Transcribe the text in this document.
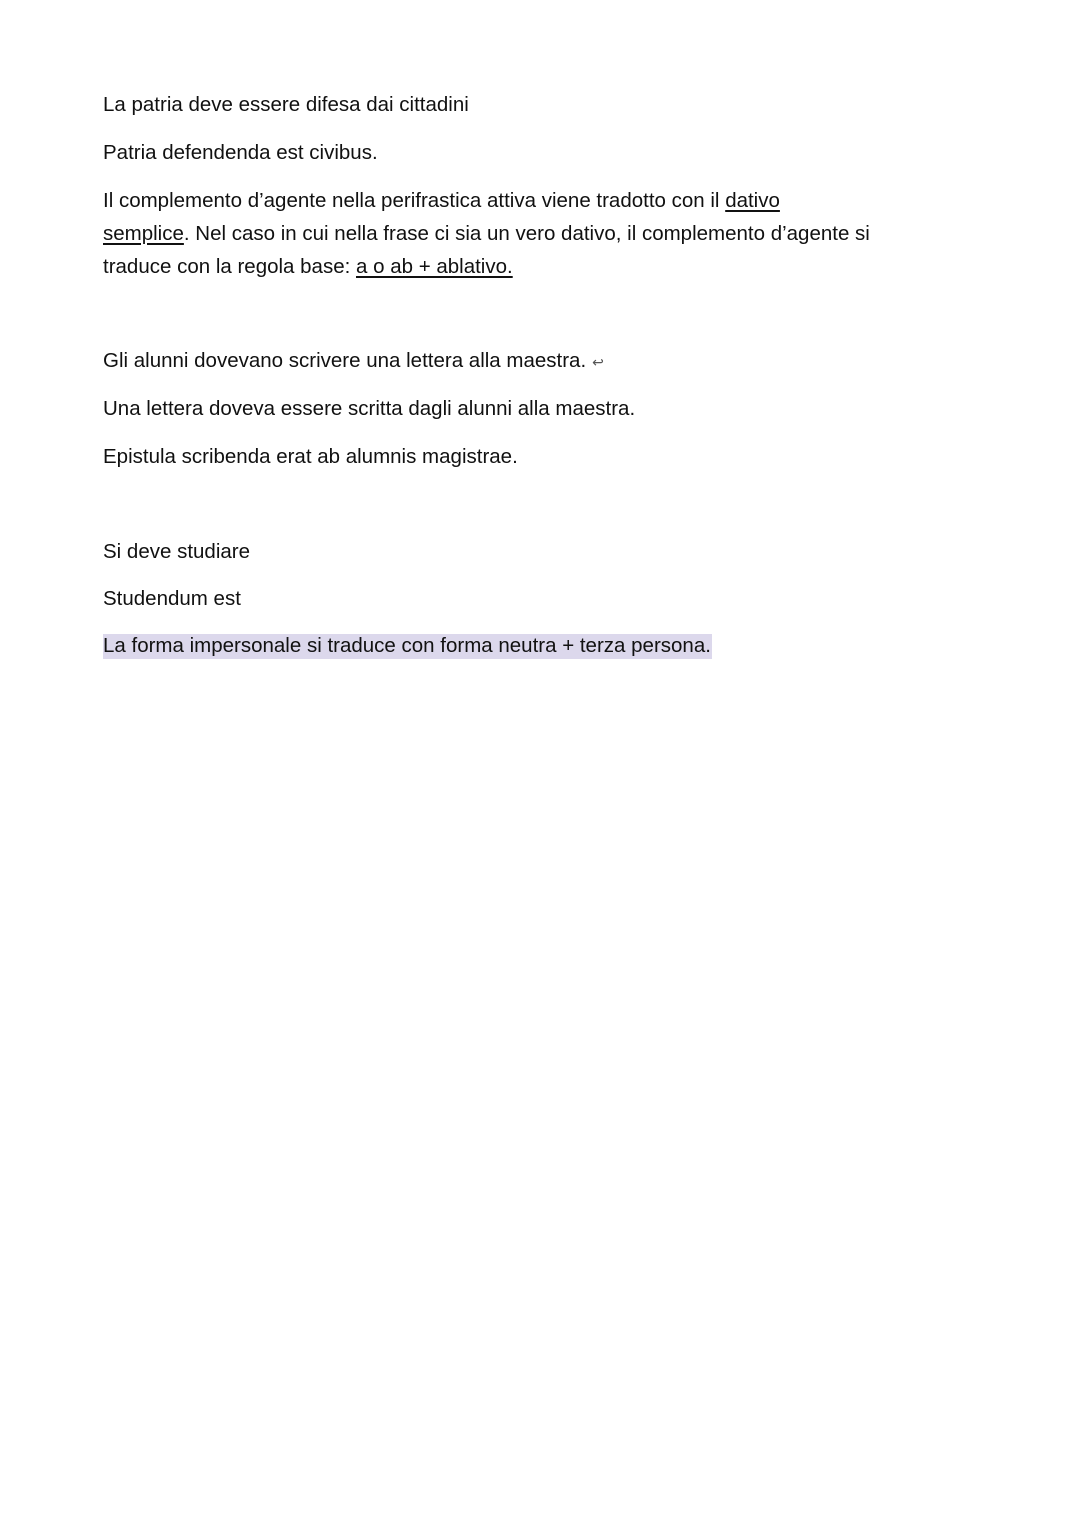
La patria deve essere difesa dai cittadini
Patria defendenda est civibus.
Il complemento d’agente nella perifrastica attiva viene tradotto con il dativo
semplice. Nel caso in cui nella frase ci sia un vero dativo, il complemento d’agente si
traduce con la regola base: a o ab + ablativo.
Gli alunni dovevano scrivere una lettera alla maestra. ↩
Una lettera doveva essere scritta dagli alunni alla maestra.
Epistula scribenda erat ab alumnis magistrae.
Si deve studiare
Studendum est
La forma impersonale si traduce con forma neutra + terza persona.
